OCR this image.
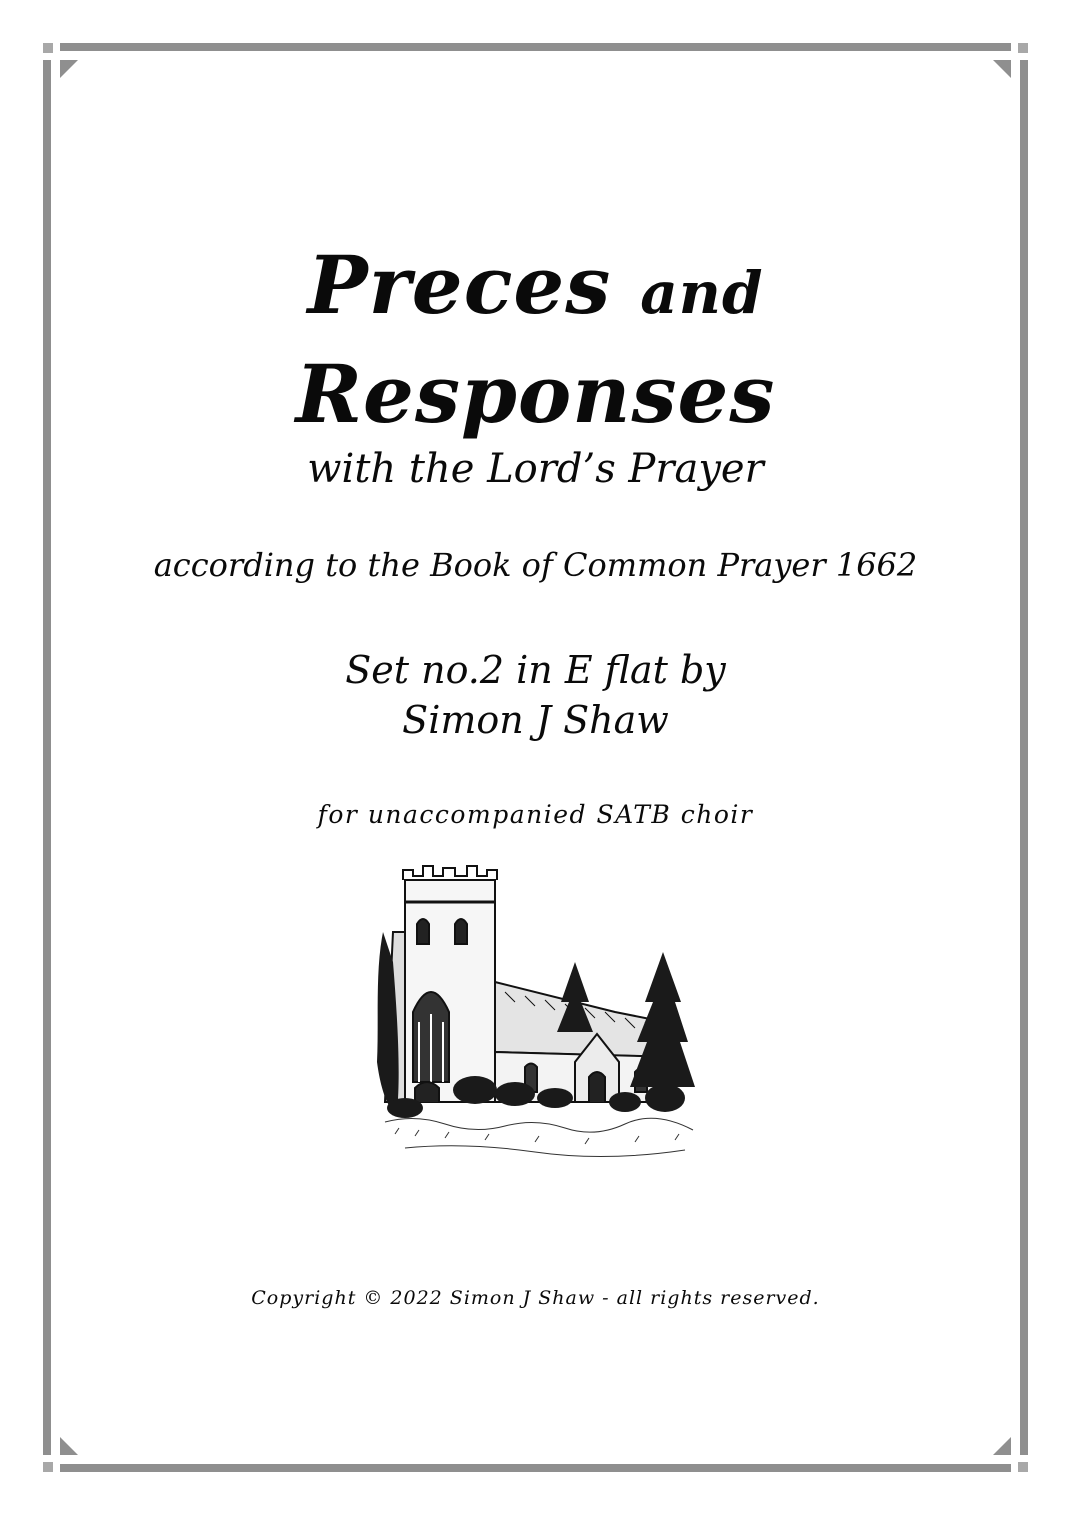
Preces and
Responses
with the Lord’s Prayer
according to the Book of Common Prayer 1662
Set no.2 in E flat by
Simon J Shaw
for unaccompanied SATB choir
Copyright © 2022 Simon J Shaw - all rights reserved.
